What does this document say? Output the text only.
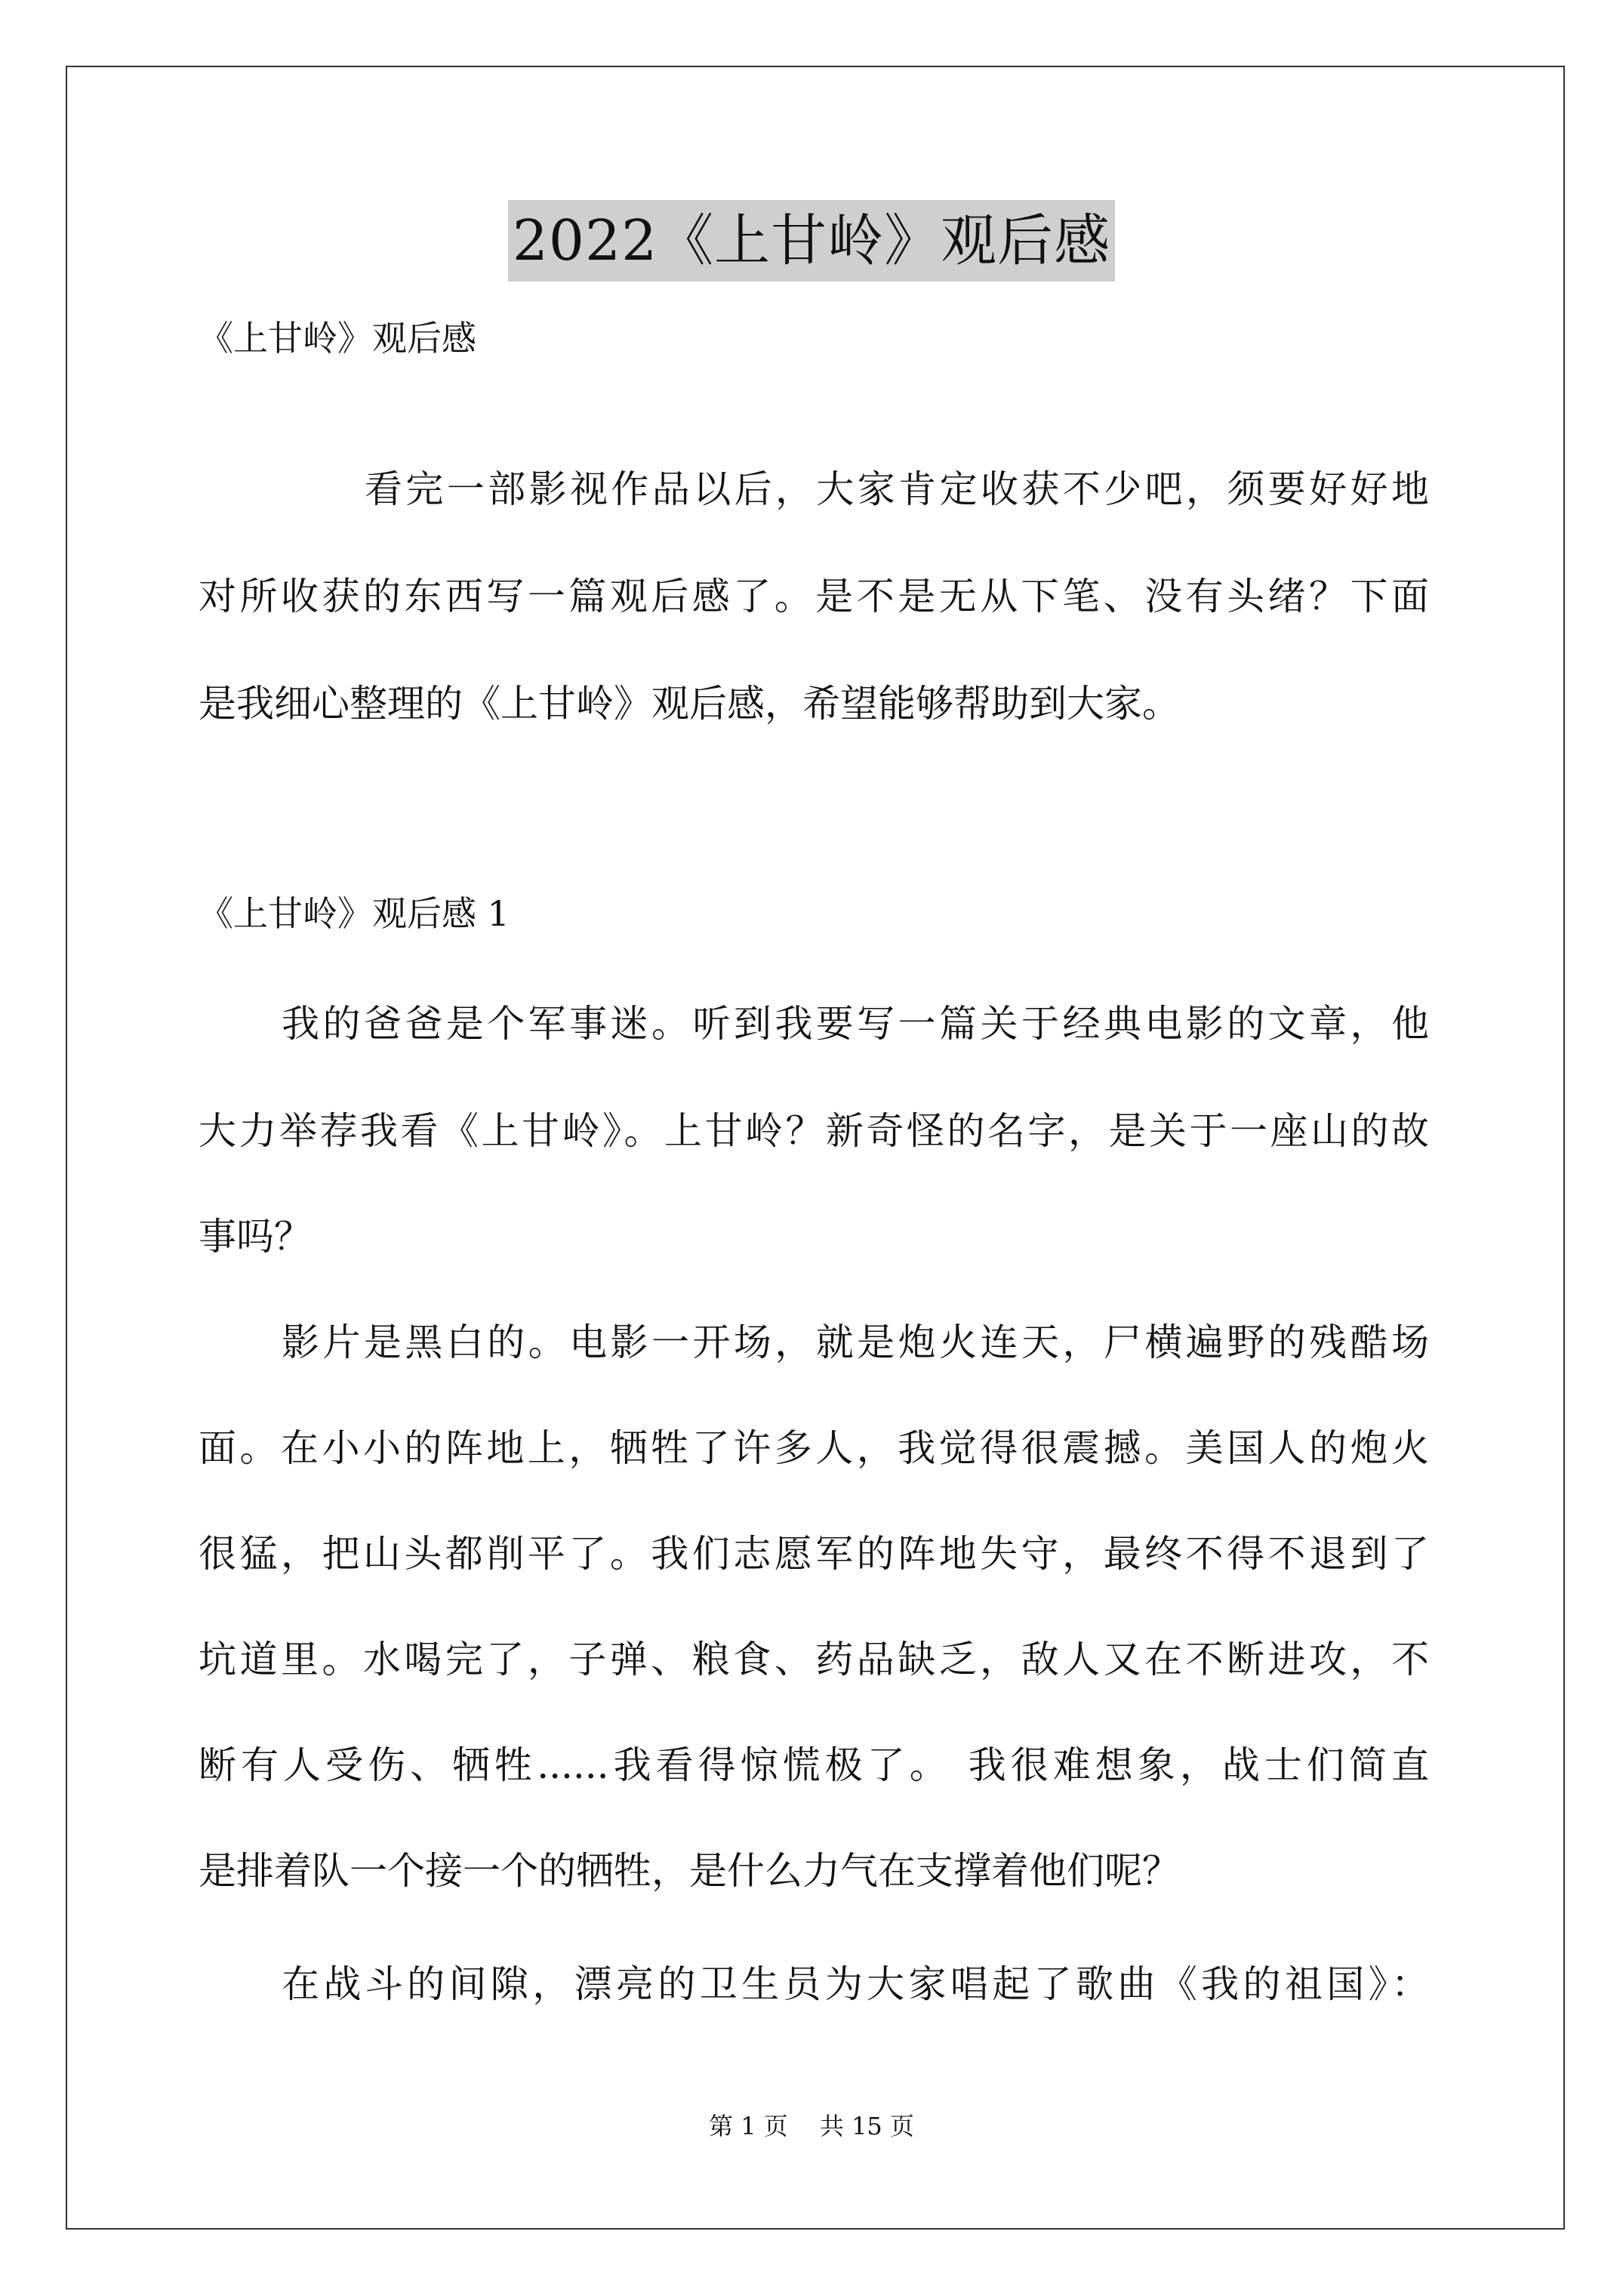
2022《上甘岭》观后感
《上甘岭》观后感
看完一部影视作品以后，大家肯定收获不少吧，须要好好地
对所收获的东西写一篇观后感了。是不是无从下笔、没有头绪？下面
是我细心整理的《上甘岭》观后感，希望能够帮助到大家。
《上甘岭》观后感 1
我的爸爸是个军事迷。听到我要写一篇关于经典电影的文章，他
大力举荐我看《上甘岭》。上甘岭？新奇怪的名字，是关于一座山的故
事吗？
影片是黑白的。电影一开场，就是炮火连天，尸横遍野的残酷场
面。在小小的阵地上，牺牲了许多人，我觉得很震撼。美国人的炮火
很猛，把山头都削平了。我们志愿军的阵地失守，最终不得不退到了
坑道里。水喝完了，子弹、粮食、药品缺乏，敌人又在不断进攻，不
断有人受伤、牺牲......我看得惊慌极了。 我很难想象，战士们简直
是排着队一个接一个的牺牲，是什么力气在支撑着他们呢？
在战斗的间隙，漂亮的卫生员为大家唱起了歌曲《我的祖国》：
第 1 页　 共 15 页
